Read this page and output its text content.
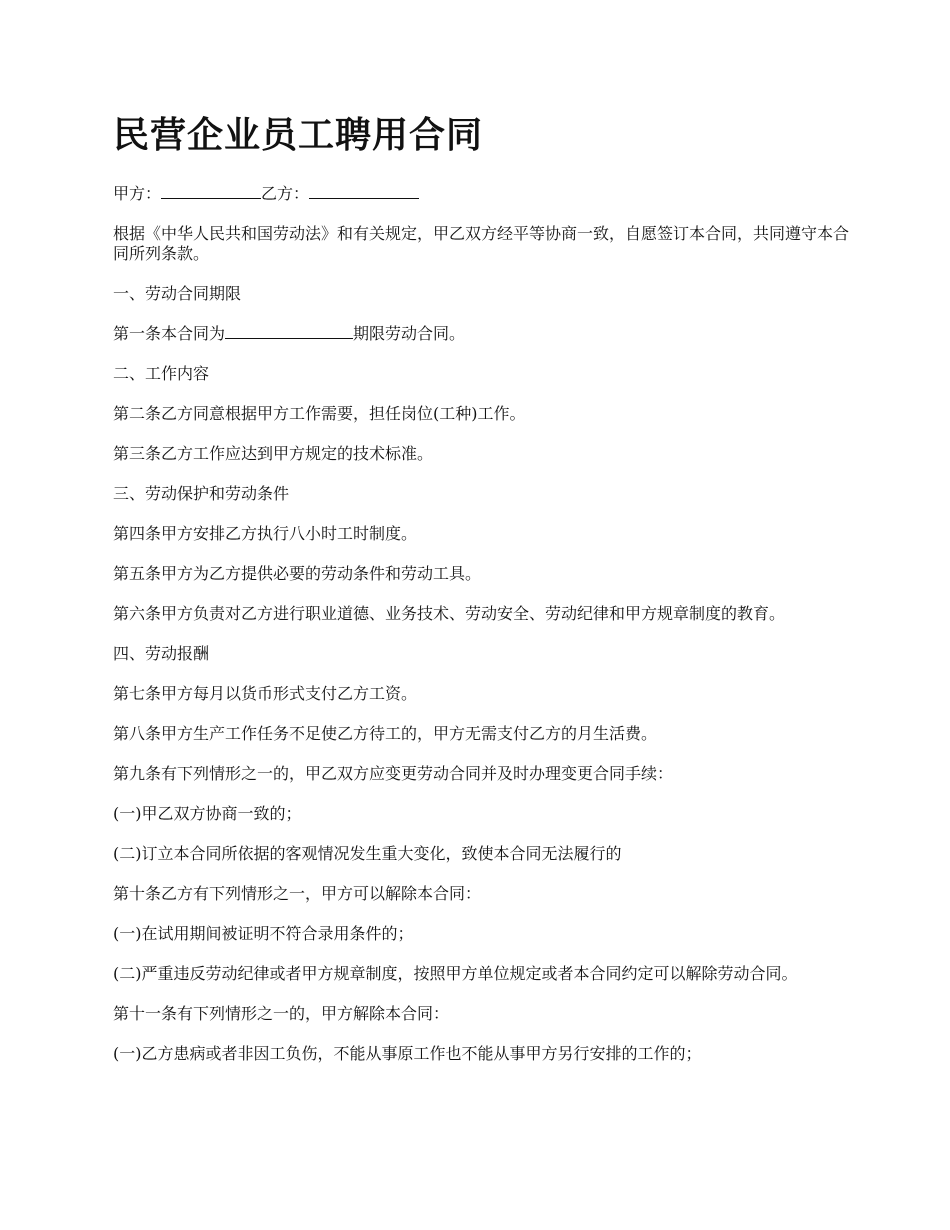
民营企业员工聘用合同

甲方：	乙方：

根据《中华人民共和国劳动法》和有关规定，甲乙双方经平等协商一致，自愿签订本合同，共同遵守本合同所列条款。

一、劳动合同期限

第一条本合同为	期限劳动合同。

二、工作内容

第二条乙方同意根据甲方工作需要，担任岗位(工种)工作。

第三条乙方工作应达到甲方规定的技术标准。

三、劳动保护和劳动条件

第四条甲方安排乙方执行八小时工时制度。

第五条甲方为乙方提供必要的劳动条件和劳动工具。

第六条甲方负责对乙方进行职业道德、业务技术、劳动安全、劳动纪律和甲方规章制度的教育。

四、劳动报酬

第七条甲方每月以货币形式支付乙方工资。

第八条甲方生产工作任务不足使乙方待工的，甲方无需支付乙方的月生活费。

第九条有下列情形之一的，甲乙双方应变更劳动合同并及时办理变更合同手续：

(一)甲乙双方协商一致的；

(二)订立本合同所依据的客观情况发生重大变化，致使本合同无法履行的

第十条乙方有下列情形之一，甲方可以解除本合同：

(一)在试用期间被证明不符合录用条件的；

(二)严重违反劳动纪律或者甲方规章制度，按照甲方单位规定或者本合同约定可以解除劳动合同。

第十一条有下列情形之一的，甲方解除本合同：

(一)乙方患病或者非因工负伤，不能从事原工作也不能从事甲方另行安排的工作的；
